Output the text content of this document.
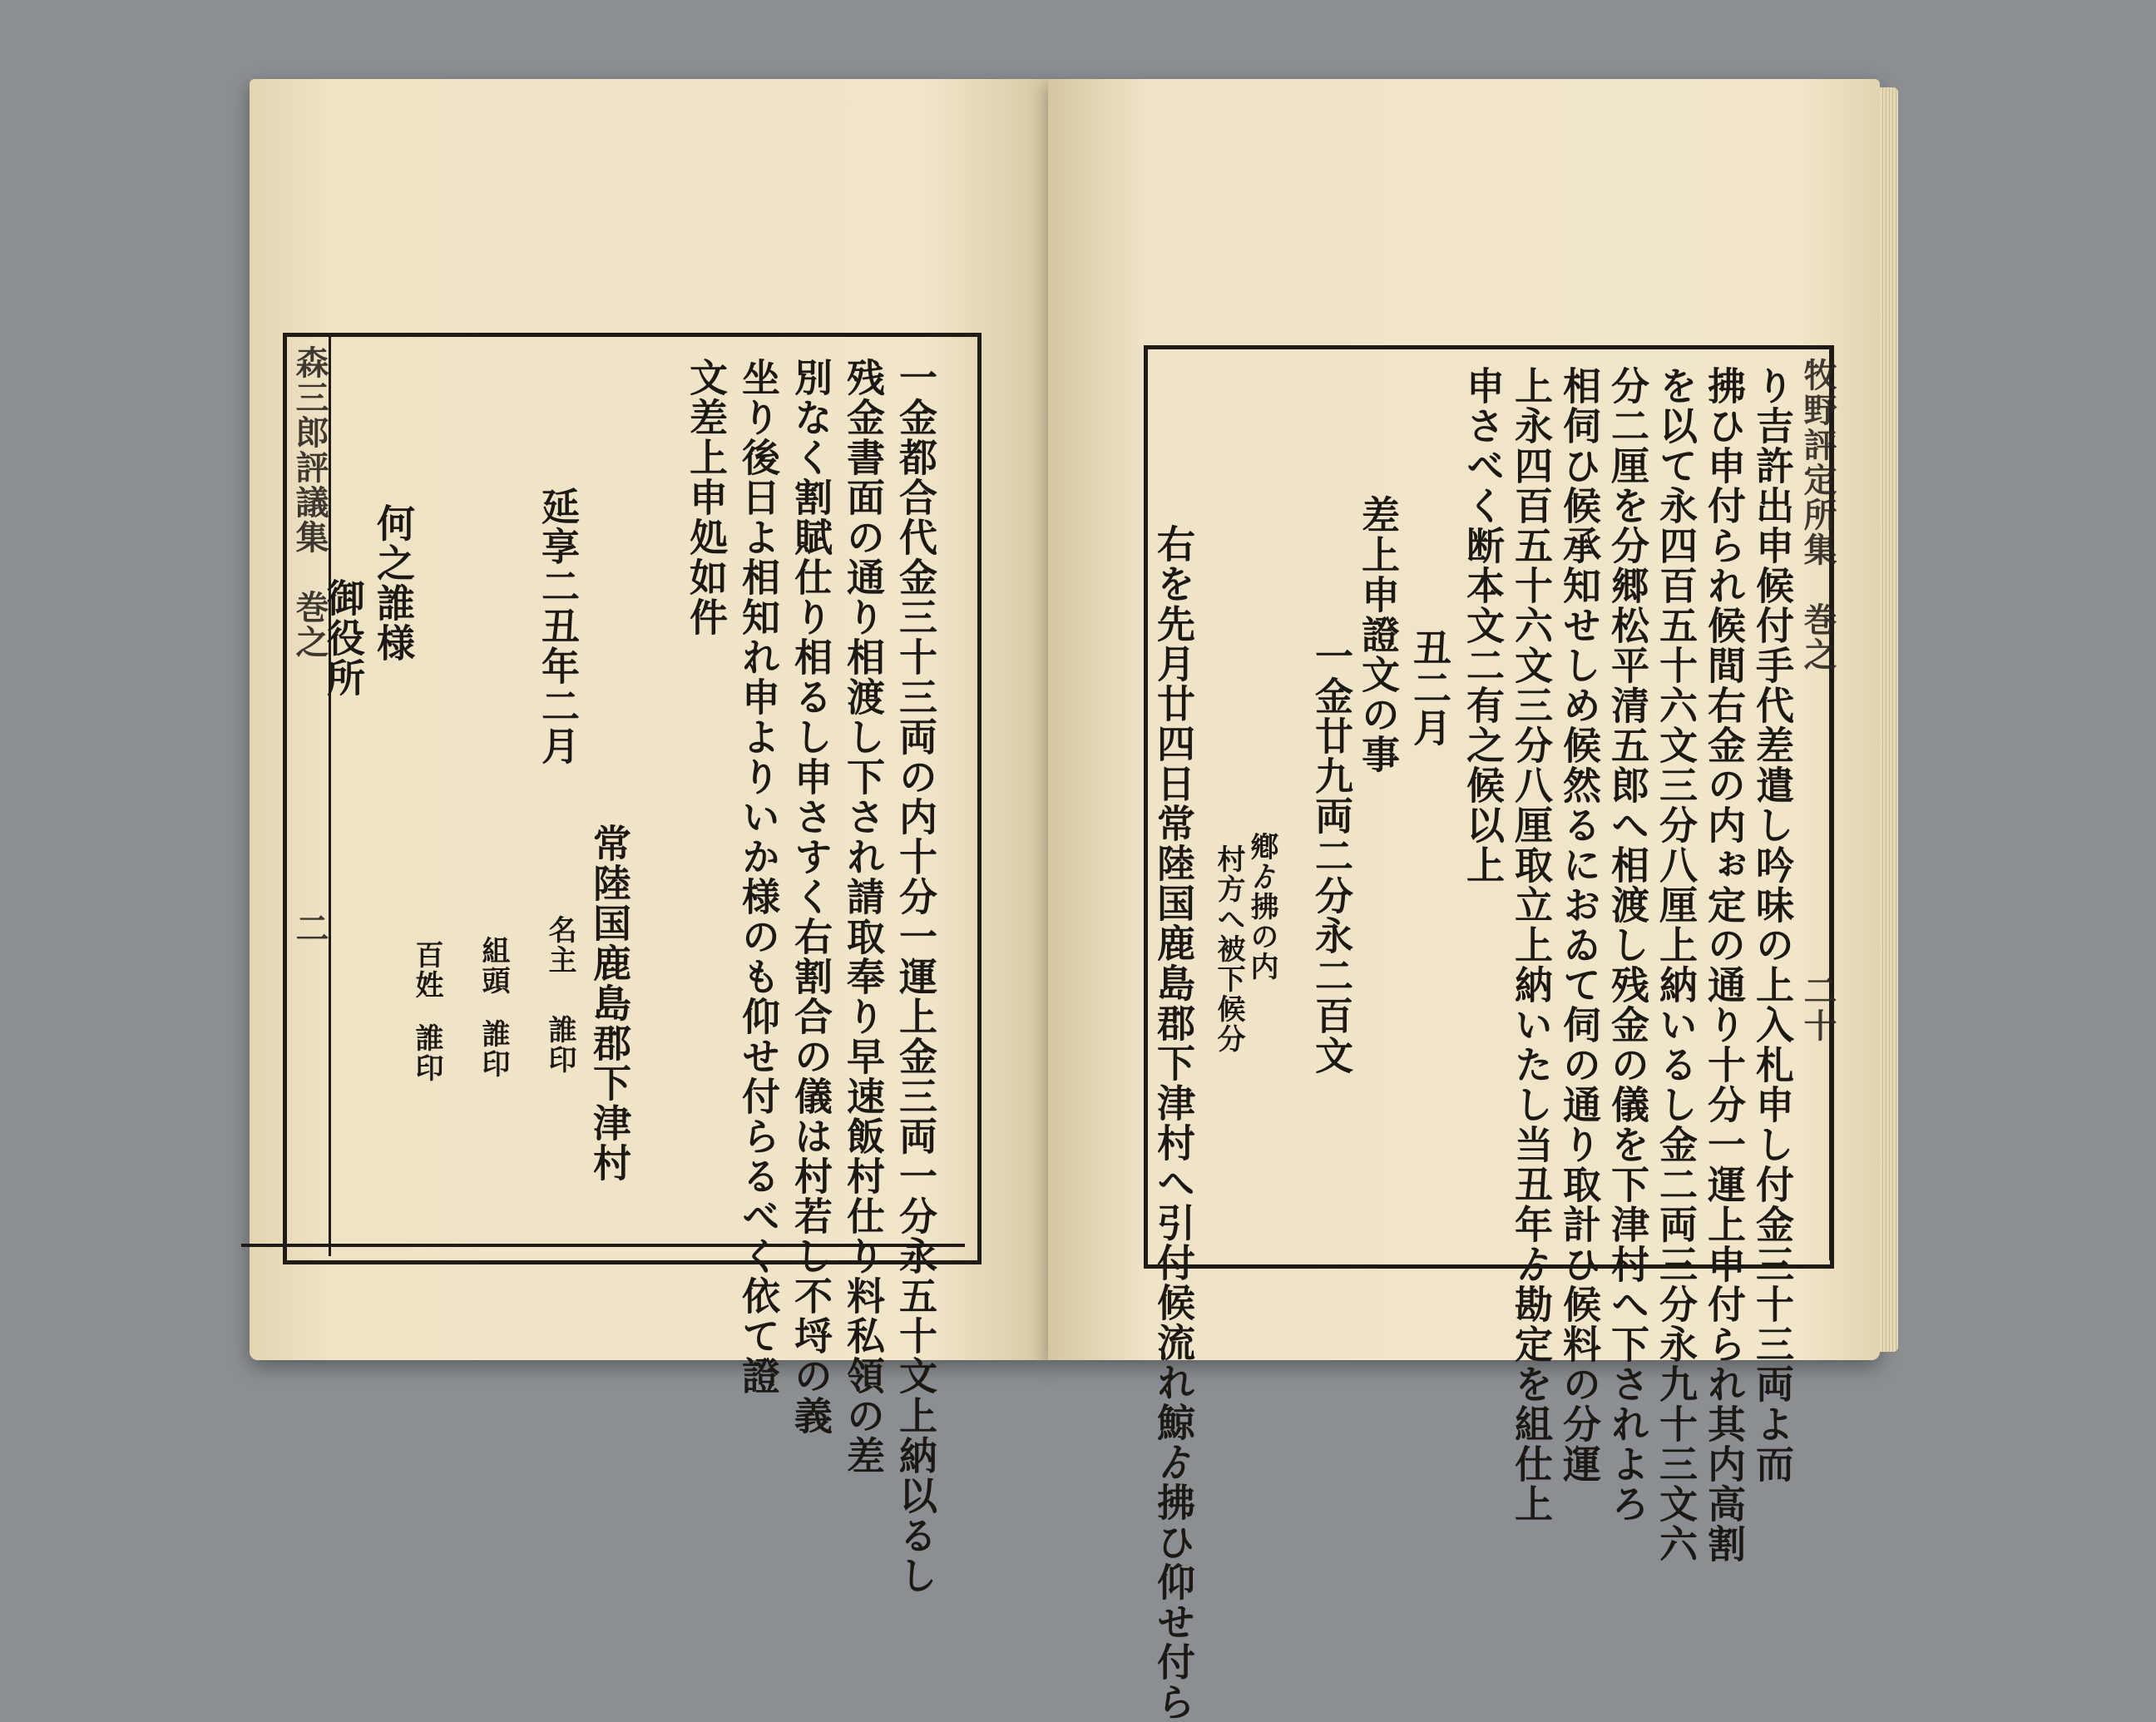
森三郎評議集　巻之
二	一金都合代金三十三両の内十分一運上金三両一分永五十文上納以るし
残金書面の通り相渡し下され請取奉り早速飯村仕り料私領の差
別なく割賦仕り相るし申さすく右割合の儀は村若し不埒の義
坐り後日よ相知れ申よりいか様のも仰せ付らるべく依て證
文差上申処如件
延享二丑年二月
常陸国鹿島郡下津村
名主
誰印
組頭
誰印
百姓
誰印
何之誰様
御役所	牧野評定所集　巻之
二十
り吉許出申候付手代差遣し吟味の上入札申し付金三十三両よ而
拂ひ申付られ候間右金の内ぉ定の通り十分一運上申付られ其内高割
を以て永四百五十六文三分八厘上納いるし金二両三分永九十三文六
分二厘を分郷松平清五郎へ相渡し残金の儀を下津村へ下されよろ
相伺ひ候承知せしめ候然るにおゐて伺の通り取計ひ候料の分運
上永四百五十六文三分八厘取立上納いたし当丑年ゟ勘定を組仕上
申さべく断本文二有之候以上
丑二月
差上申證文の事
一金廿九両二分永二百文
鄕ゟ拂の内
村方へ被下候分
右を先月廿四日常陸国鹿島郡下津村へ引付候流れ鯨ゟ拂ひ仰せ付ら
